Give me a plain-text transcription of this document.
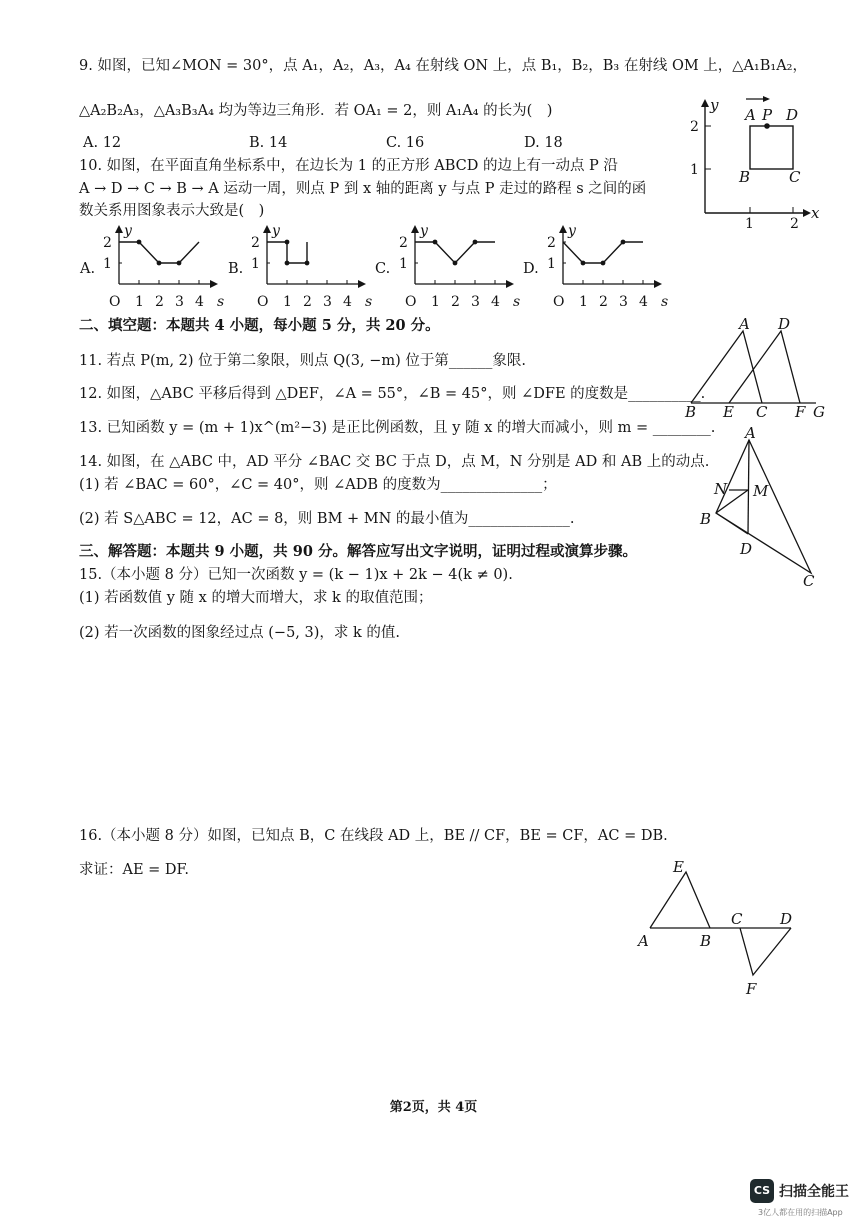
9. 如图，已知∠MON = 30°，点 A₁，A₂，A₃，A₄ 在射线 ON 上，点 B₁，B₂，B₃ 在射线 OM 上，△A₁B₁A₂，
△A₂B₂A₃，△A₃B₃A₄ 均为等边三角形．若 OA₁ = 2，则 A₁A₄ 的长为(　)
A. 12	B. 14	C. 16	D. 18
10. 如图，在平面直角坐标系中，在边长为 1 的正方形 ABCD 的边上有一动点 P 沿
A → D → C → B → A 运动一周，则点 P 到 x 轴的距离 y 与点 P 走过的路程 s 之间的函
数关系用图象表示大致是(　)
y
x
2
1
1	2
A P D
B	C
A.	B.	C.	D.
1 2 3 4
1
2
O
y
s	1 2 3 4
1
2
O
y
s	1 2 3 4
1
2
O
y
s	1 2 3 4
1
2
O
y
s
二、填空题：本题共 4 小题，每小题 5 分，共 20 分。
11. 若点 P(m, 2) 位于第二象限，则点 Q(3, −m) 位于第______象限.
12. 如图，△ABC 平移后得到 △DEF，∠A = 55°，∠B = 45°，则 ∠DFE 的度数是__________.
13. 已知函数 y = (m + 1)x^(m²−3) 是正比例函数，且 y 随 x 的增大而减小，则 m = ________.
14. 如图，在 △ABC 中，AD 平分 ∠BAC 交 BC 于点 D，点 M，N 分别是 AD 和 AB 上的动点.
(1) 若 ∠BAC = 60°，∠C = 40°，则 ∠ADB 的度数为______________；
(2) 若 S△ABC = 12，AC = 8，则 BM + MN 的最小值为______________.
A D
B E C F G
A
N M
B
D
C
三、解答题：本题共 9 小题，共 90 分。解答应写出文字说明，证明过程或演算步骤。
15.（本小题 8 分）已知一次函数 y = (k − 1)x + 2k − 4(k ≠ 0).
(1) 若函数值 y 随 x 的增大而增大，求 k 的取值范围；
(2) 若一次函数的图象经过点 (−5, 3)，求 k 的值.
16.（本小题 8 分）如图，已知点 B，C 在线段 AD 上，BE // CF，BE = CF，AC = DB.
求证：AE = DF.	E
A	B
C	D
F
第2页，共 4页
CS 扫描全能王
3亿人都在用的扫描App
